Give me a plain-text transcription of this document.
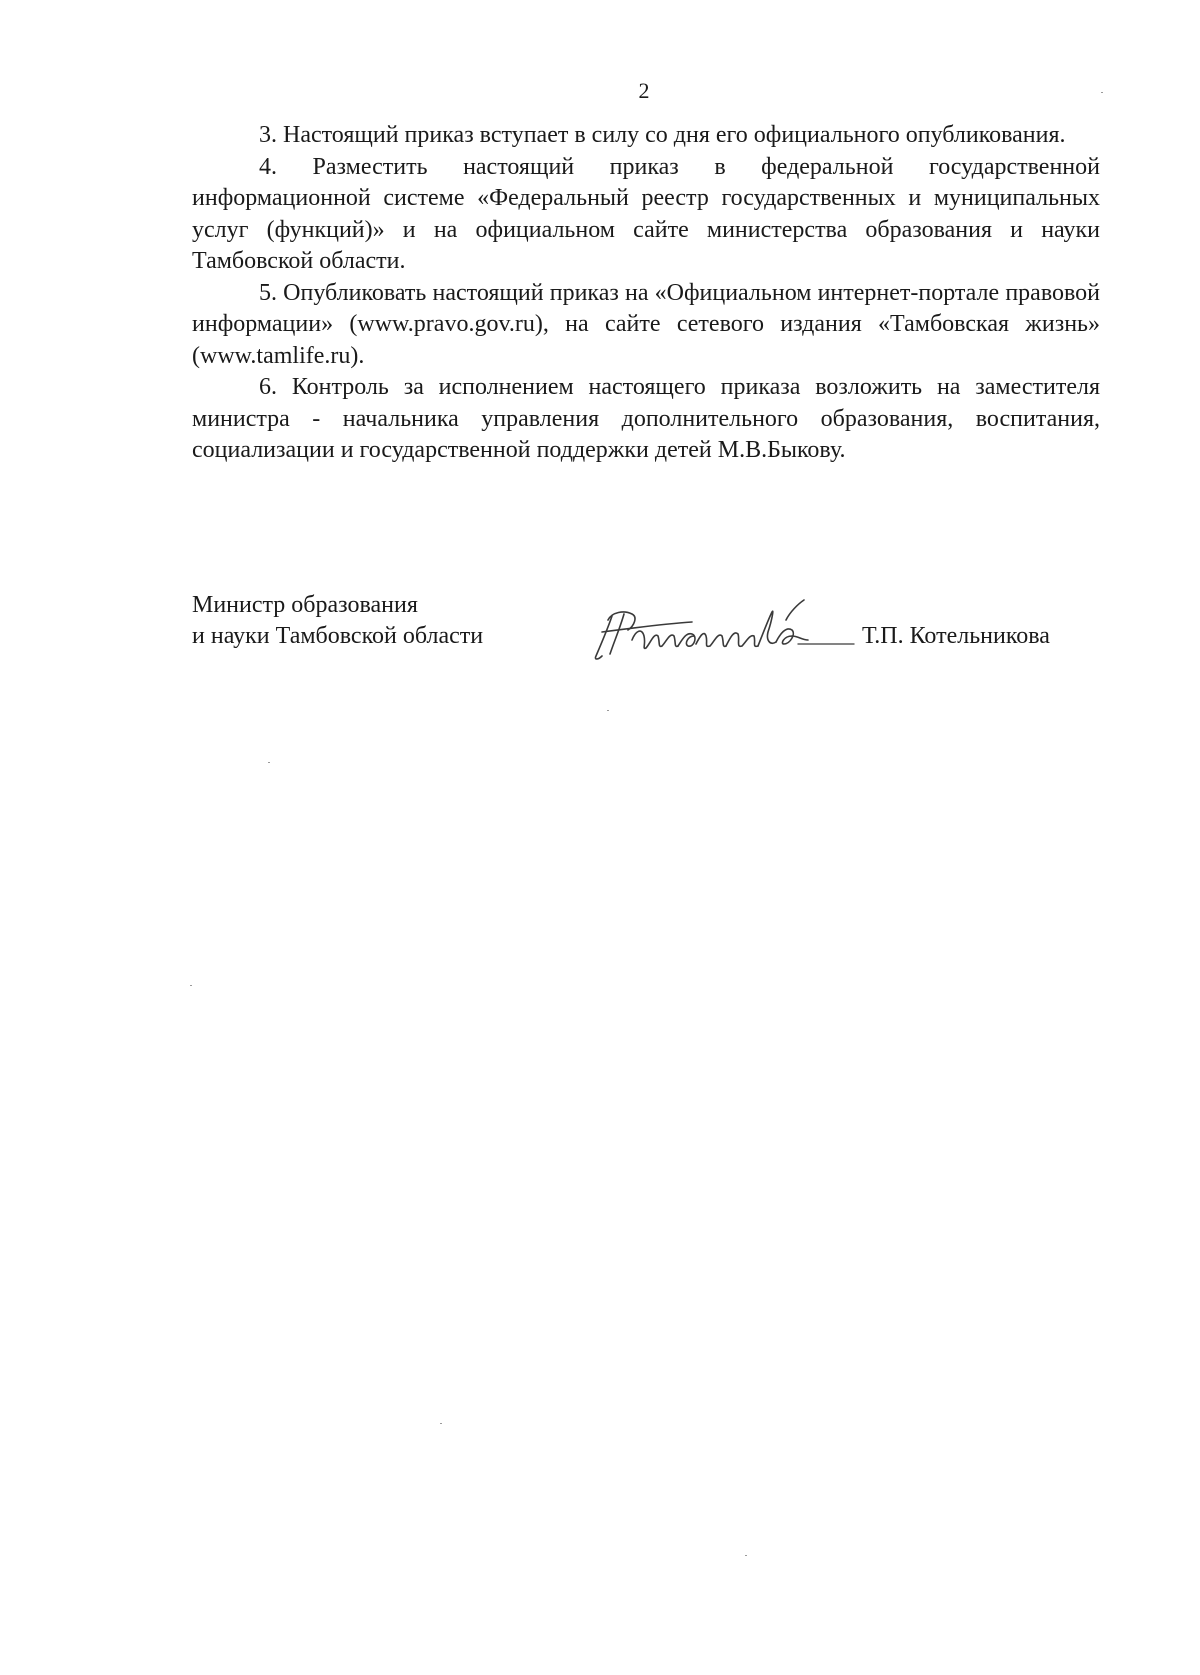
2

3. Настоящий приказ вступает в силу со дня его официального опубликования.

4. Разместить настоящий приказ в федеральной государственной информационной системе «Федеральный реестр государственных и муниципальных услуг (функций)» и на официальном сайте министерства образования и науки Тамбовской области.

5. Опубликовать настоящий приказ на «Официальном интернет-портале правовой информации» (www.pravo.gov.ru), на сайте сетевого издания «Тамбовская жизнь» (www.tamlife.ru).

6. Контроль за исполнением настоящего приказа возложить на заместителя министра - начальника управления дополнительного образования, воспитания, социализации и государственной поддержки детей М.В.Быкову.

Министр образования
и науки Тамбовской области	Т.П. Котельникова
